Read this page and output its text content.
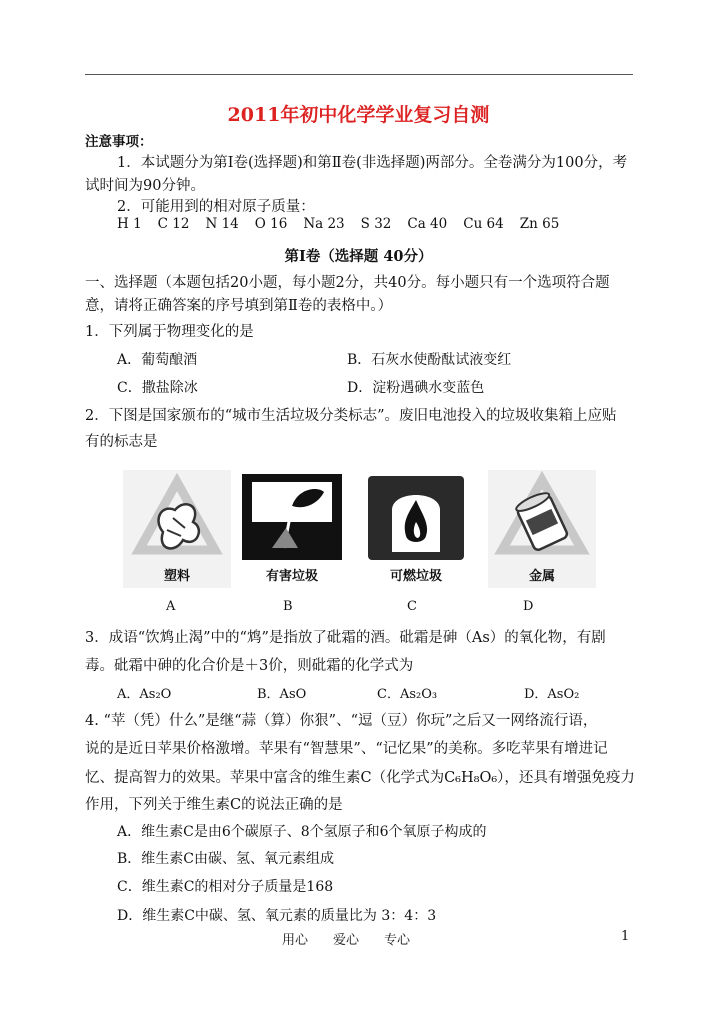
2011年初中化学学业复习自测
注意事项：
1．本试题分为第Ⅰ卷(选择题)和第Ⅱ卷(非选择题)两部分。全卷满分为100分，考
试时间为90分钟。
2．可能用到的相对原子质量：
H 1 C 12 N 14 O 16 Na 23 S 32 Ca 40 Cu 64 Zn 65
第Ⅰ卷（选择题 40分）
一、选择题（本题包括20小题，每小题2分，共40分。每小题只有一个选项符合题
意，请将正确答案的序号填到第Ⅱ卷的表格中。）
1．下列属于物理变化的是
A．葡萄酿酒	B．石灰水使酚酞试液变红
C．撒盐除冰	D．淀粉遇碘水变蓝色
2．下图是国家颁布的“城市生活垃圾分类标志”。废旧电池投入的垃圾收集箱上应贴
有的标志是
塑料	有害垃圾	可燃垃圾	金属
A	B	C	D
3．成语“饮鸩止渴”中的“鸩”是指放了砒霜的酒。砒霜是砷（As）的氧化物，有剧
毒。砒霜中砷的化合价是＋3价，则砒霜的化学式为
A．As₂O	B．AsO	C．As₂O₃	D．AsO₂
4. “苹（凭）什么”是继“蒜（算）你狠”、“逗（豆）你玩”之后又一网络流行语，
说的是近日苹果价格激增。苹果有“智慧果”、“记忆果”的美称。多吃苹果有增进记
忆、提高智力的效果。苹果中富含的维生素C（化学式为C₆H₈O₆），还具有增强免疫力
作用，下列关于维生素C的说法正确的是
A．维生素C是由6个碳原子、8个氢原子和6个氧原子构成的
B．维生素C由碳、氢、氧元素组成
C．维生素C的相对分子质量是168
D．维生素C中碳、氢、氧元素的质量比为 3：4：3
用心 爱心 专心	1
